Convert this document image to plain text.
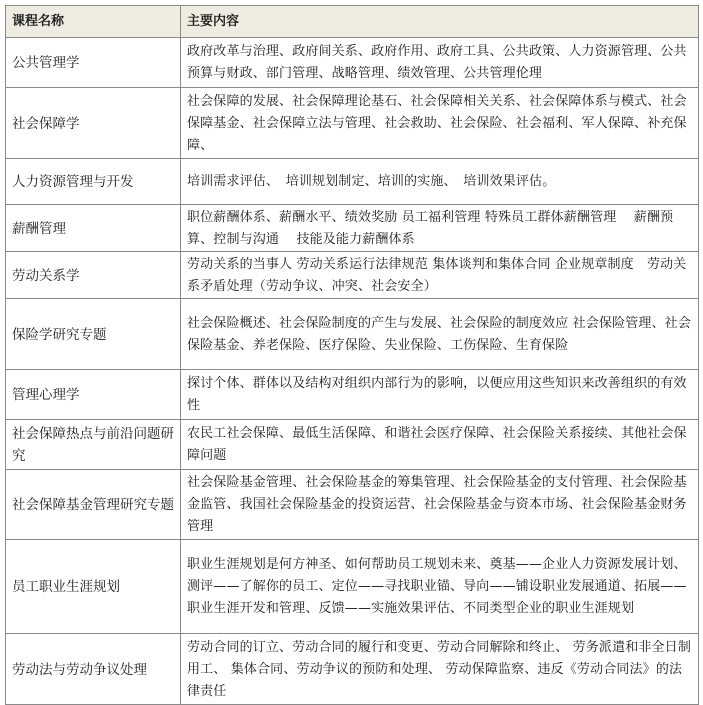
课程名称	主要内容
公共管理学	政府改革与治理、政府间关系、政府作用、政府工具、公共政策、人力资源管理、公共预算与财政、部门管理、战略管理、绩效管理、公共管理伦理
社会保障学	社会保障的发展、社会保障理论基石、社会保障相关关系、社会保障体系与模式、社会保障基金、社会保障立法与管理、社会救助、社会保险、社会福利、军人保障、补充保障、
人力资源管理与开发	培训需求评估、　培训规划制定、培训的实施、　培训效果评估。
薪酬管理	职位薪酬体系、薪酬水平、绩效奖励 员工福利管理 特殊员工群体薪酬管理　 薪酬预算、控制与沟通　 技能及能力薪酬体系
劳动关系学	劳动关系的当事人 劳动关系运行法律规范 集体谈判和集体合同 企业规章制度　劳动关系矛盾处理（劳动争议、冲突、社会安全）
保险学研究专题	社会保险概述、社会保险制度的产生与发展、社会保险的制度效应 社会保险管理、社会保险基金、养老保险、医疗保险、失业保险、工伤保险、生育保险
管理心理学	探讨个体、群体以及结构对组织内部行为的影响，以便应用这些知识来改善组织的有效性
社会保障热点与前沿问题研究	农民工社会保障、最低生活保障、和谐社会医疗保障、社会保险关系接续、其他社会保障问题
社会保障基金管理研究专题	社会保险基金管理、社会保险基金的筹集管理、社会保险基金的支付管理、社会保险基金监管、我国社会保险基金的投资运营、社会保险基金与资本市场、社会保险基金财务管理
员工职业生涯规划	职业生涯规划是何方神圣、如何帮助员工规划未来、奠基——企业人力资源发展计划、测评——了解你的员工、定位——寻找职业锚、导向——铺设职业发展通道、拓展——职业生涯开发和管理、反馈——实施效果评估、不同类型企业的职业生涯规划
劳动法与劳动争议处理	劳动合同的订立、劳动合同的履行和变更、劳动合同解除和终止、 劳务派遣和非全日制用工、 集体合同、劳动争议的预防和处理、 劳动保障监察、违反《劳动合同法》的法律责任
